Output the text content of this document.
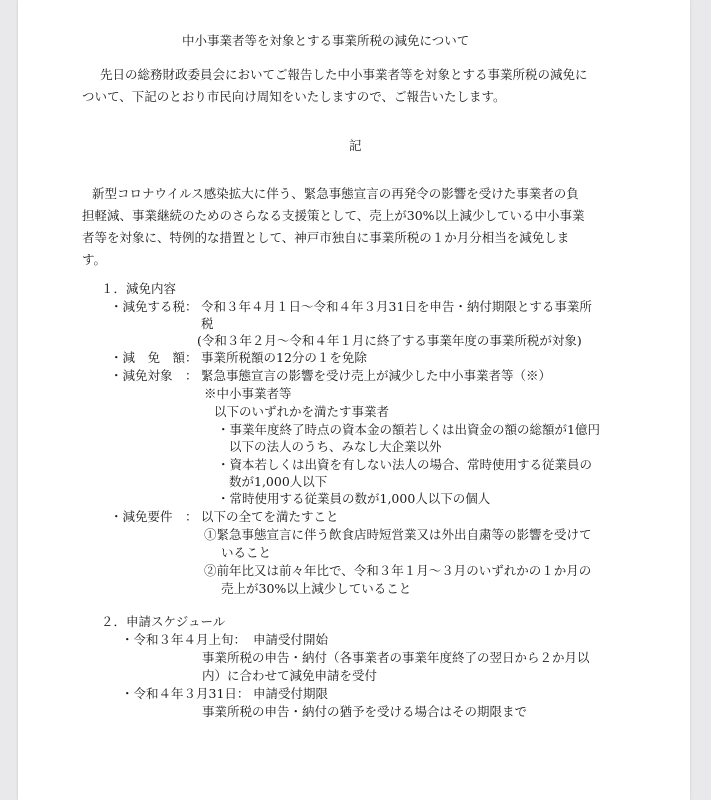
中小事業者等を対象とする事業所税の減免について
先日の総務財政委員会においてご報告した中小事業者等を対象とする事業所税の減免に
ついて、下記のとおり市民向け周知をいたしますので、ご報告いたします。
記
新型コロナウイルス感染拡大に伴う、緊急事態宣言の再発令の影響を受けた事業者の負
担軽減、事業継続のためのさらなる支援策として、売上が30%以上減少している中小事業
者等を対象に、特例的な措置として、神戸市独自に事業所税の１か月分相当を減免しま
す。
１．減免内容
・減免する税： 令和３年４月１日〜令和４年３月31日を申告・納付期限とする事業所
税
(令和３年２月〜令和４年１月に終了する事業年度の事業所税が対象)
・減　免　額： 事業所税額の12分の１を免除
・減免対象　： 緊急事態宣言の影響を受け売上が減少した中小事業者等（※）
※中小事業者等
以下のいずれかを満たす事業者
・事業年度終了時点の資本金の額若しくは出資金の額の総額が1億円
以下の法人のうち、みなし大企業以外
・資本若しくは出資を有しない法人の場合、常時使用する従業員の
数が1,000人以下
・常時使用する従業員の数が1,000人以下の個人
・減免要件　： 以下の全てを満たすこと
①緊急事態宣言に伴う飲食店時短営業又は外出自粛等の影響を受けて
いること
②前年比又は前々年比で、令和３年１月〜３月のいずれかの１か月の
売上が30%以上減少していること
２．申請スケジュール
・令和３年４月上旬： 申請受付開始
事業所税の申告・納付（各事業者の事業年度終了の翌日から２か月以
内）に合わせて減免申請を受付
・令和４年３月31日： 申請受付期限
事業所税の申告・納付の猶予を受ける場合はその期限まで
